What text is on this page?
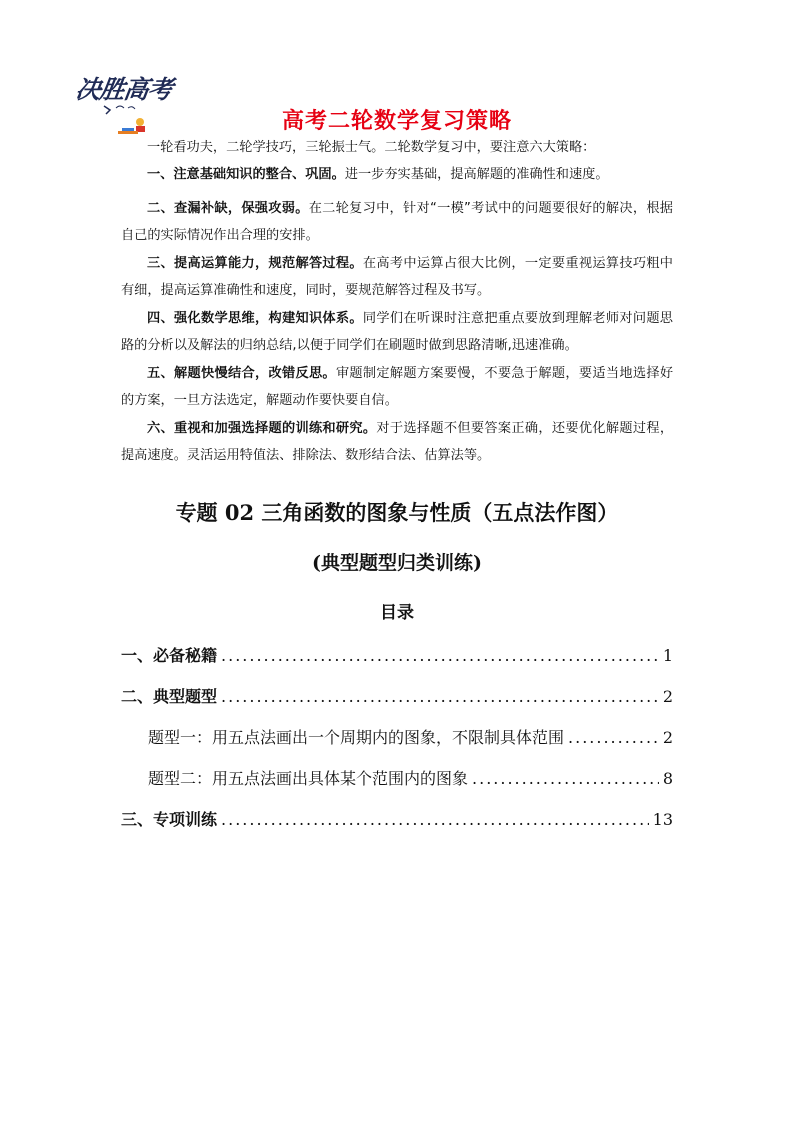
决胜高考
高考二轮数学复习策略

一轮看功夫，二轮学技巧，三轮振士气。二轮数学复习中，要注意六大策略：

一、注意基础知识的整合、巩固。进一步夯实基础，提高解题的准确性和速度。

二、查漏补缺，保强攻弱。在二轮复习中，针对“一模”考试中的问题要很好的解决，根据自己的实际情况作出合理的安排。

三、提高运算能力，规范解答过程。在高考中运算占很大比例，一定要重视运算技巧粗中有细，提高运算准确性和速度，同时，要规范解答过程及书写。

四、强化数学思维，构建知识体系。同学们在听课时注意把重点要放到理解老师对问题思路的分析以及解法的归纳总结,以便于同学们在刷题时做到思路清晰,迅速准确。

五、解题快慢结合，改错反思。审题制定解题方案要慢，不要急于解题，要适当地选择好的方案，一旦方法选定，解题动作要快要自信。

六、重视和加强选择题的训练和研究。对于选择题不但要答案正确，还要优化解题过程，提高速度。灵活运用特值法、排除法、数形结合法、估算法等。

专题 02 三角函数的图象与性质（五点法作图）
(典型题型归类训练)
目录
一、必备秘籍 .....	1
二、典型题型 .....	2
题型一：用五点法画出一个周期内的图象，不限制具体范围 .....	2
题型二：用五点法画出具体某个范围内的图象 .....	8
三、专项训练 .....	13
